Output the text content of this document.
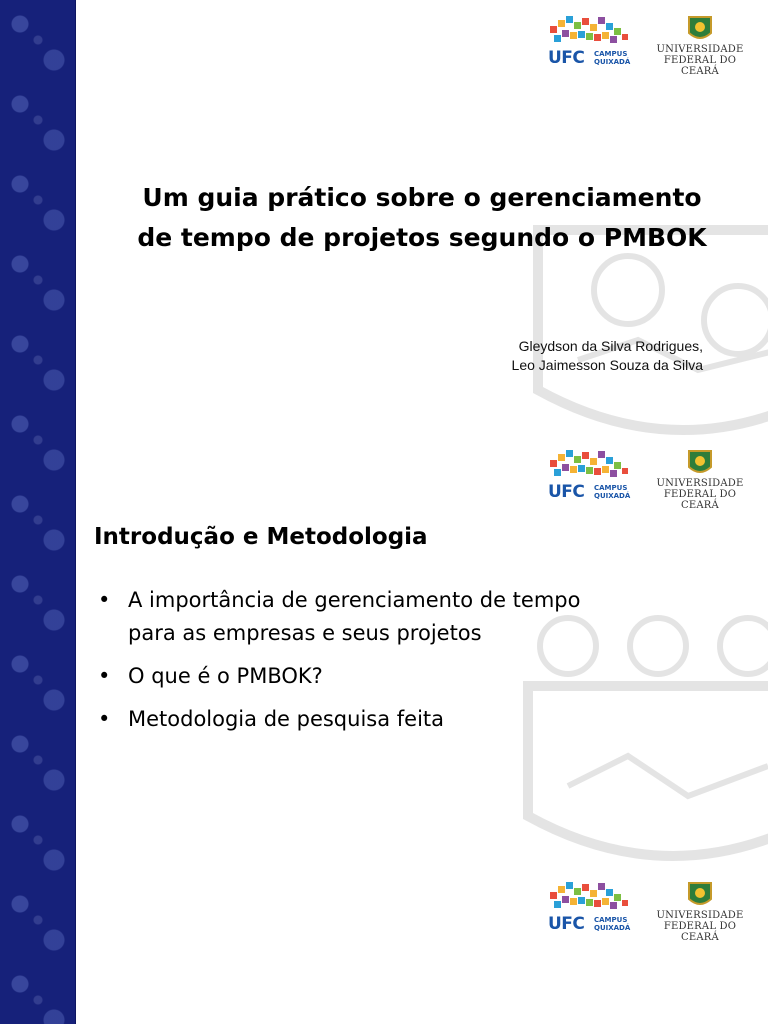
UFC CAMPUS
QUIXADÁ
UNIVERSIDADE
FEDERAL DO CEARÁ
Um guia prático sobre o gerenciamento
de tempo de projetos segundo o PMBOK
Gleydson da Silva Rodrigues,
Leo Jaimesson Souza da Silva
UFC CAMPUS
QUIXADÁ
UNIVERSIDADE
FEDERAL DO CEARÁ
Introdução e Metodologia
• A importância de gerenciamento de tempo
para as empresas e seus projetos
• O que é o PMBOK?
• Metodologia de pesquisa feita
UFC CAMPUS
QUIXADÁ
UNIVERSIDADE
FEDERAL DO CEARÁ
